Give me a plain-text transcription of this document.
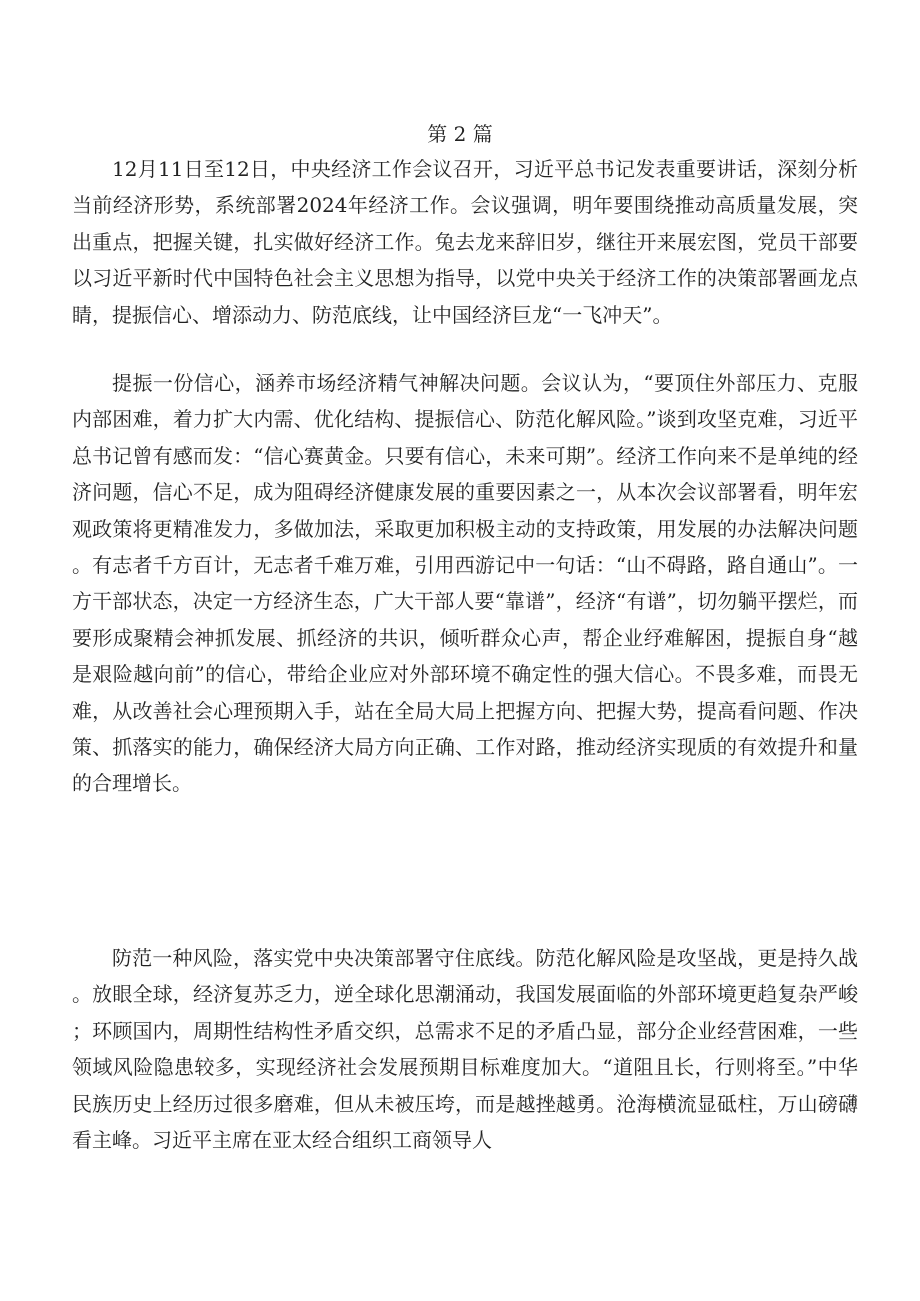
第 2 篇

12月11日至12日，中央经济工作会议召开，习近平总书记发表重要讲话，深刻分析当前经济形势，系统部署2024年经济工作。会议强调，明年要围绕推动高质量发展，突出重点，把握关键，扎实做好经济工作。兔去龙来辞旧岁，继往开来展宏图，党员干部要以习近平新时代中国特色社会主义思想为指导，以党中央关于经济工作的决策部署画龙点睛，提振信心、增添动力、防范底线，让中国经济巨龙“一飞冲天”。

提振一份信心，涵养市场经济精气神解决问题。会议认为，“要顶住外部压力、克服内部困难，着力扩大内需、优化结构、提振信心、防范化解风险。”谈到攻坚克难，习近平总书记曾有感而发：“信心赛黄金。只要有信心，未来可期”。经济工作向来不是单纯的经济问题，信心不足，成为阻碍经济健康发展的重要因素之一，从本次会议部署看，明年宏观政策将更精准发力，多做加法，采取更加积极主动的支持政策，用发展的办法解决问题。有志者千方百计，无志者千难万难，引用西游记中一句话：“山不碍路，路自通山”。一方干部状态，决定一方经济生态，广大干部人要“靠谱”，经济“有谱”，切勿躺平摆烂，而要形成聚精会神抓发展、抓经济的共识，倾听群众心声，帮企业纾难解困，提振自身“越是艰险越向前”的信心，带给企业应对外部环境不确定性的强大信心。不畏多难，而畏无难，从改善社会心理预期入手，站在全局大局上把握方向、把握大势，提高看问题、作决策、抓落实的能力，确保经济大局方向正确、工作对路，推动经济实现质的有效提升和量的合理增长。

防范一种风险，落实党中央决策部署守住底线。防范化解风险是攻坚战，更是持久战。放眼全球，经济复苏乏力，逆全球化思潮涌动，我国发展面临的外部环境更趋复杂严峻；环顾国内，周期性结构性矛盾交织，总需求不足的矛盾凸显，部分企业经营困难，一些领域风险隐患较多，实现经济社会发展预期目标难度加大。“道阻且长，行则将至。”中华民族历史上经历过很多磨难，但从未被压垮，而是越挫越勇。沧海横流显砥柱，万山磅礴看主峰。习近平主席在亚太经合组织工商领导人
